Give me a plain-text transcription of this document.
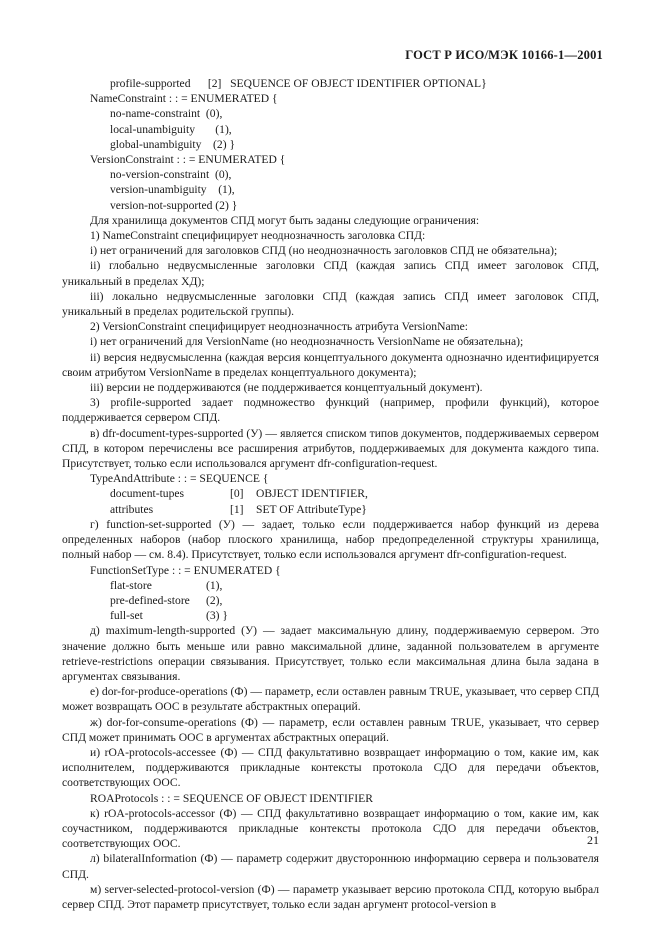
ГОСТ Р ИСО/МЭК 10166-1—2001
profile-supported      [2]   SEQUENCE OF OBJECT IDENTIFIER OPTIONAL}
NameConstraint : : = ENUMERATED {
no-name-constraint  (0),
local-unambiguity       (1),
global-unambiguity    (2) }
VersionConstraint : : = ENUMERATED {
no-version-constraint  (0),
version-unambiguity    (1),
version-not-supported (2) }
Для хранилища документов СПД могут быть заданы следующие ограничения:
1) NameConstraint специфицирует неоднозначность заголовка СПД:
i) нет ограничений для заголовков СПД (но неоднозначность заголовков СПД не обязательна);
ii) глобально недвусмысленные заголовки СПД (каждая запись СПД имеет заголовок СПД, уникальный в пределах ХД);
iii) локально недвусмысленные заголовки СПД (каждая запись СПД имеет заголовок СПД, уникальный в пределах родительской группы).
2) VersionConstraint специфицирует неоднозначность атрибута VersionName:
i) нет ограничений для VersionName (но неоднозначность VersionName не обязательна);
ii) версия недвусмысленна (каждая версия концептуального документа однозначно идентифицируется своим атрибутом VersionName в пределах концептуального документа);
iii) версии не поддерживаются (не поддерживается концептуальный документ).
3) profile-supported задает подмножество функций (например, профили функций), которое поддерживается сервером СПД.
в) dfr-document-types-supported (У) — является списком типов документов, поддерживаемых сервером СПД, в котором перечислены все расширения атрибутов, поддерживаемых для документа каждого типа. Присутствует, только если использовался аргумент dfr-configuration-request.
TypeAndAttribute : : = SEQUENCE {
document-tupes	[0] OBJECT IDENTIFIER,
attributes	[1] SET OF AttributeType}
г) function-set-supported (У) — задает, только если поддерживается набор функций из дерева определенных наборов (набор плоского хранилища, набор предопределенной структуры хранилища, полный набор — см. 8.4). Присутствует, только если использовался аргумент dfr-configuration-request.
FunctionSetType : : = ENUMERATED {
flat-store	(1),
pre-defined-store (2),
full-set	(3) }
д) maximum-length-supported (У) — задает максимальную длину, поддерживаемую сервером. Это значение должно быть меньше или равно максимальной длине, заданной пользователем в аргументе retrieve-restrictions операции связывания. Присутствует, только если максимальная длина была задана в аргументах связывания.
е) dor-for-produce-operations (Ф) — параметр, если оставлен равным TRUE, указывает, что сервер СПД может возвращать ООС в результате абстрактных операций.
ж) dor-for-consume-operations (Ф) — параметр, если оставлен равным TRUE, указывает, что сервер СПД может принимать ООС в аргументах абстрактных операций.
и) rOA-protocols-accessee (Ф) — СПД факультативно возвращает информацию о том, какие им, как исполнителем, поддерживаются прикладные контексты протокола СДО для передачи объектов, соответствующих ООС.
ROAProtocols : : = SEQUENCE OF OBJECT IDENTIFIER
к) rOA-protocols-accessor (Ф) — СПД факультативно возвращает информацию о том, какие им, как соучастником, поддерживаются прикладные контексты протокола СДО для передачи объектов, соответствующих ООС.
л) bilateralInformation (Ф) — параметр содержит двустороннюю информацию сервера и пользователя СПД.
м) server-selected-protocol-version (Ф) — параметр указывает версию протокола СПД, которую выбрал сервер СПД. Этот параметр присутствует, только если задан аргумент protocol-version в
21
